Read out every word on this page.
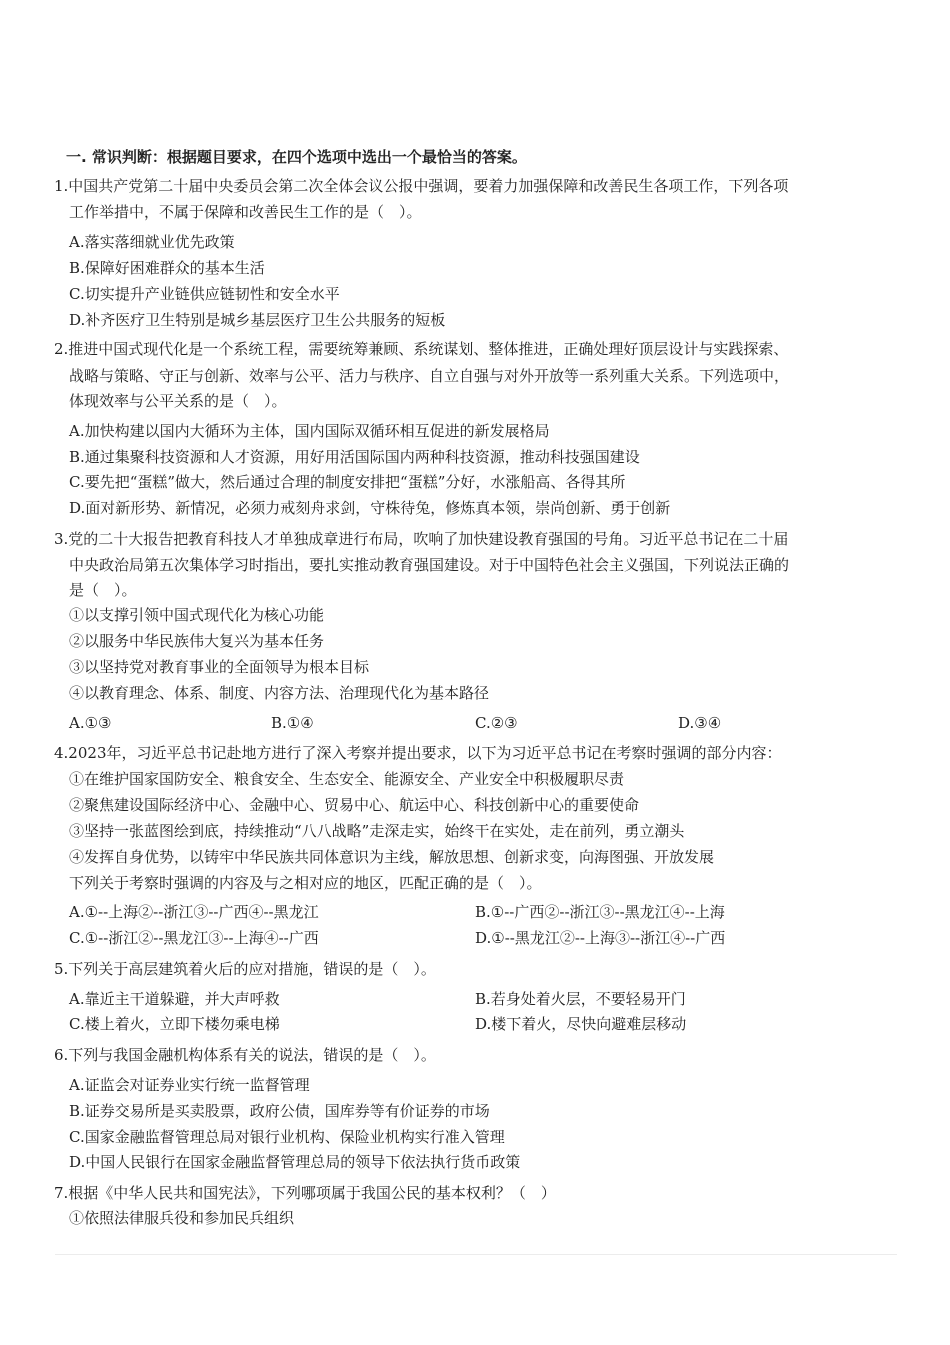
一. 常识判断：根据题目要求，在四个选项中选出一个最恰当的答案。
1.中国共产党第二十届中央委员会第二次全体会议公报中强调，要着力加强保障和改善民生各项工作，下列各项
工作举措中，不属于保障和改善民生工作的是（　）。
A.落实落细就业优先政策
B.保障好困难群众的基本生活
C.切实提升产业链供应链韧性和安全水平
D.补齐医疗卫生特别是城乡基层医疗卫生公共服务的短板
2.推进中国式现代化是一个系统工程，需要统筹兼顾、系统谋划、整体推进，正确处理好顶层设计与实践探索、
战略与策略、守正与创新、效率与公平、活力与秩序、自立自强与对外开放等一系列重大关系。下列选项中，
体现效率与公平关系的是（　）。
A.加快构建以国内大循环为主体，国内国际双循环相互促进的新发展格局
B.通过集聚科技资源和人才资源，用好用活国际国内两种科技资源，推动科技强国建设
C.要先把“蛋糕”做大，然后通过合理的制度安排把“蛋糕”分好，水涨船高、各得其所
D.面对新形势、新情况，必须力戒刻舟求剑，守株待兔，修炼真本领，崇尚创新、勇于创新
3.党的二十大报告把教育科技人才单独成章进行布局，吹响了加快建设教育强国的号角。习近平总书记在二十届
中央政治局第五次集体学习时指出，要扎实推动教育强国建设。对于中国特色社会主义强国，下列说法正确的
是（　）。
①以支撑引领中国式现代化为核心功能
②以服务中华民族伟大复兴为基本任务
③以坚持党对教育事业的全面领导为根本目标
④以教育理念、体系、制度、内容方法、治理现代化为基本路径
A.①③	B.①④	C.②③	D.③④
4.2023年，习近平总书记赴地方进行了深入考察并提出要求，以下为习近平总书记在考察时强调的部分内容：
①在维护国家国防安全、粮食安全、生态安全、能源安全、产业安全中积极履职尽责
②聚焦建设国际经济中心、金融中心、贸易中心、航运中心、科技创新中心的重要使命
③坚持一张蓝图绘到底，持续推动“八八战略”走深走实，始终干在实处，走在前列，勇立潮头
④发挥自身优势，以铸牢中华民族共同体意识为主线，解放思想、创新求变，向海图强、开放发展
下列关于考察时强调的内容及与之相对应的地区，匹配正确的是（　）。
A.①--上海②--浙江③--广西④--黑龙江	B.①--广西②--浙江③--黑龙江④--上海
C.①--浙江②--黑龙江③--上海④--广西	D.①--黑龙江②--上海③--浙江④--广西
5.下列关于高层建筑着火后的应对措施，错误的是（　）。
A.靠近主干道躲避，并大声呼救	B.若身处着火层，不要轻易开门
C.楼上着火，立即下楼勿乘电梯	D.楼下着火，尽快向避难层移动
6.下列与我国金融机构体系有关的说法，错误的是（　）。
A.证监会对证券业实行统一监督管理
B.证券交易所是买卖股票，政府公债，国库券等有价证券的市场
C.国家金融监督管理总局对银行业机构、保险业机构实行准入管理
D.中国人民银行在国家金融监督管理总局的领导下依法执行货币政策
7.根据《中华人民共和国宪法》，下列哪项属于我国公民的基本权利？（　）
①依照法律服兵役和参加民兵组织
